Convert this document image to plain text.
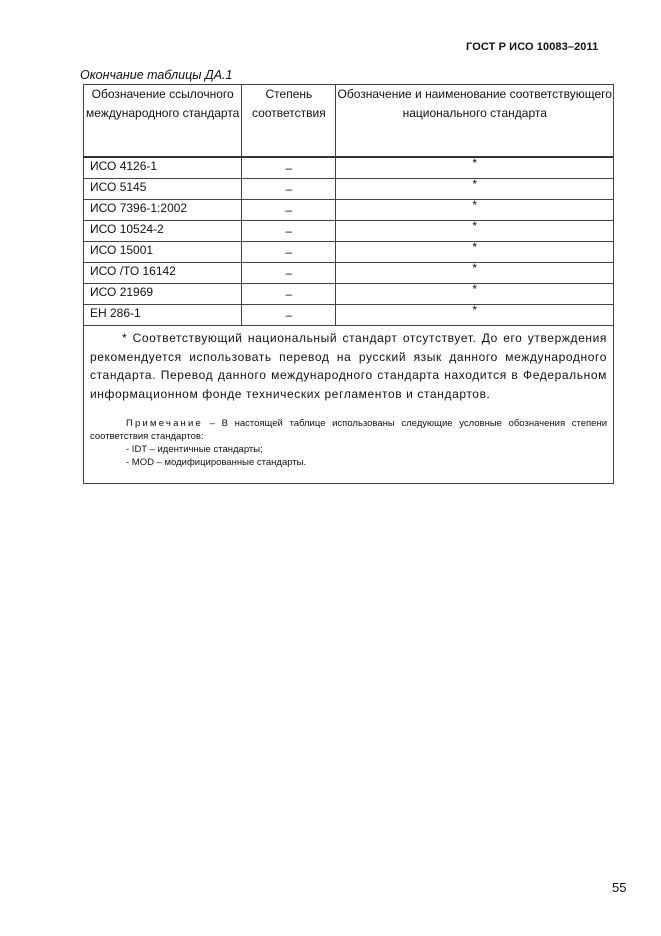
ГОСТ Р ИСО 10083–2011
Окончание таблицы ДА.1
Обозначение ссылочного международного стандарта	Степень соответствия	Обозначение и наименование соответствующего национального стандарта
ИСО 4126-1	–	*
ИСО 5145	–	*
ИСО 7396-1:2002	–	*
ИСО 10524-2	–	*
ИСО 15001	–	*
ИСО /ТО 16142	–	*
ИСО 21969	–	*
ЕН 286-1	–	*

* Соответствующий национальный стандарт отсутствует. До его утверждения рекомендуется использовать перевод на русский язык данного международного стандарта. Перевод данного международного стандарта находится в Федеральном информационном фонде технических регламентов и стандартов.

Примечание – В настоящей таблице использованы следующие условные обозначения степени соответствия стандартов:

- IDT – идентичные стандарты;

- MOD – модифицированные стандарты.		

55
